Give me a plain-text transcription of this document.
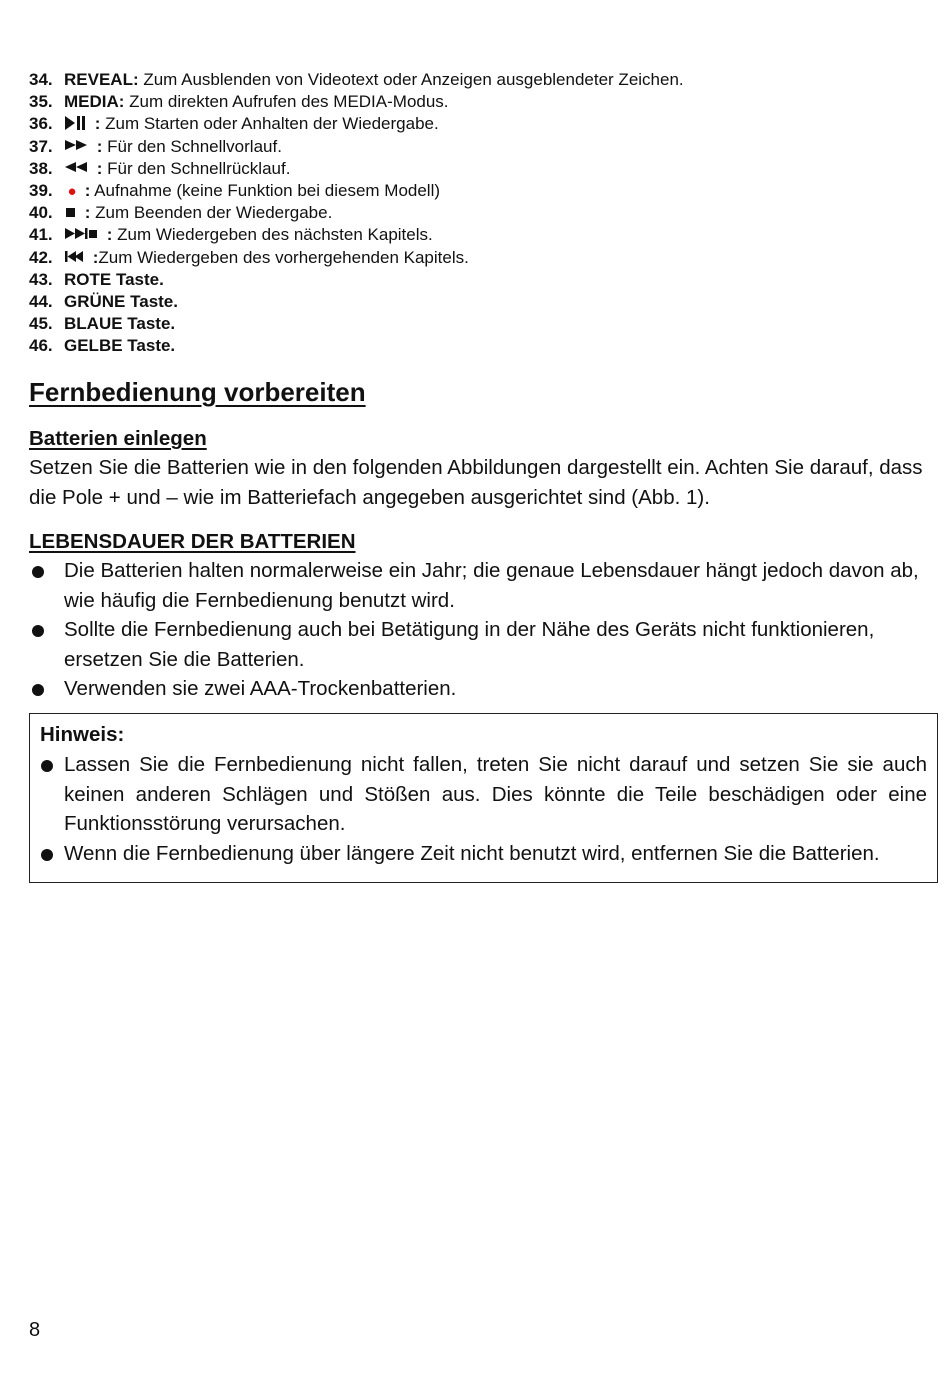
34. REVEAL: Zum Ausblenden von Videotext oder Anzeigen ausgeblendeter Zeichen.
35. MEDIA: Zum direkten Aufrufen des MEDIA-Modus.
36.
: Zum Starten oder Anhalten der Wiedergabe.
37.
: Für den Schnellvorlauf.
38.
: Für den Schnellrücklauf.
39. ● : Aufnahme (keine Funktion bei diesem Modell)
40.
: Zum Beenden der Wiedergabe.
41.	: Zum Wiedergeben des nächsten Kapitels.
42.
:Zum Wiedergeben des vorhergehenden Kapitels.
43. ROTE Taste.
44. GRÜNE Taste.
45. BLAUE Taste.
46. GELBE Taste.
Fernbedienung vorbereiten
Batterien einlegen

Setzen Sie die Batterien wie in den folgenden Abbildungen dargestellt ein. Achten Sie darauf, dass die Pole + und – wie im Batteriefach angegeben ausgerichtet sind (Abb. 1).

LEBENSDAUER DER BATTERIEN
Die Batterien halten normalerweise ein Jahr; die genaue Lebensdauer hängt jedoch davon ab, wie häufig die Fernbedienung benutzt wird.
Sollte die Fernbedienung auch bei Betätigung in der Nähe des Geräts nicht funktionieren, ersetzen Sie die Batterien.
Verwenden sie zwei AAA-Trockenbatterien.
Hinweis:
Lassen Sie die Fernbedienung nicht fallen, treten Sie nicht darauf und setzen Sie sie auch keinen anderen Schlägen und Stößen aus. Dies könnte die Teile beschädigen oder eine Funktionsstörung verursachen.
Wenn die Fernbedienung über längere Zeit nicht benutzt wird, entfernen Sie die Batterien.
8
